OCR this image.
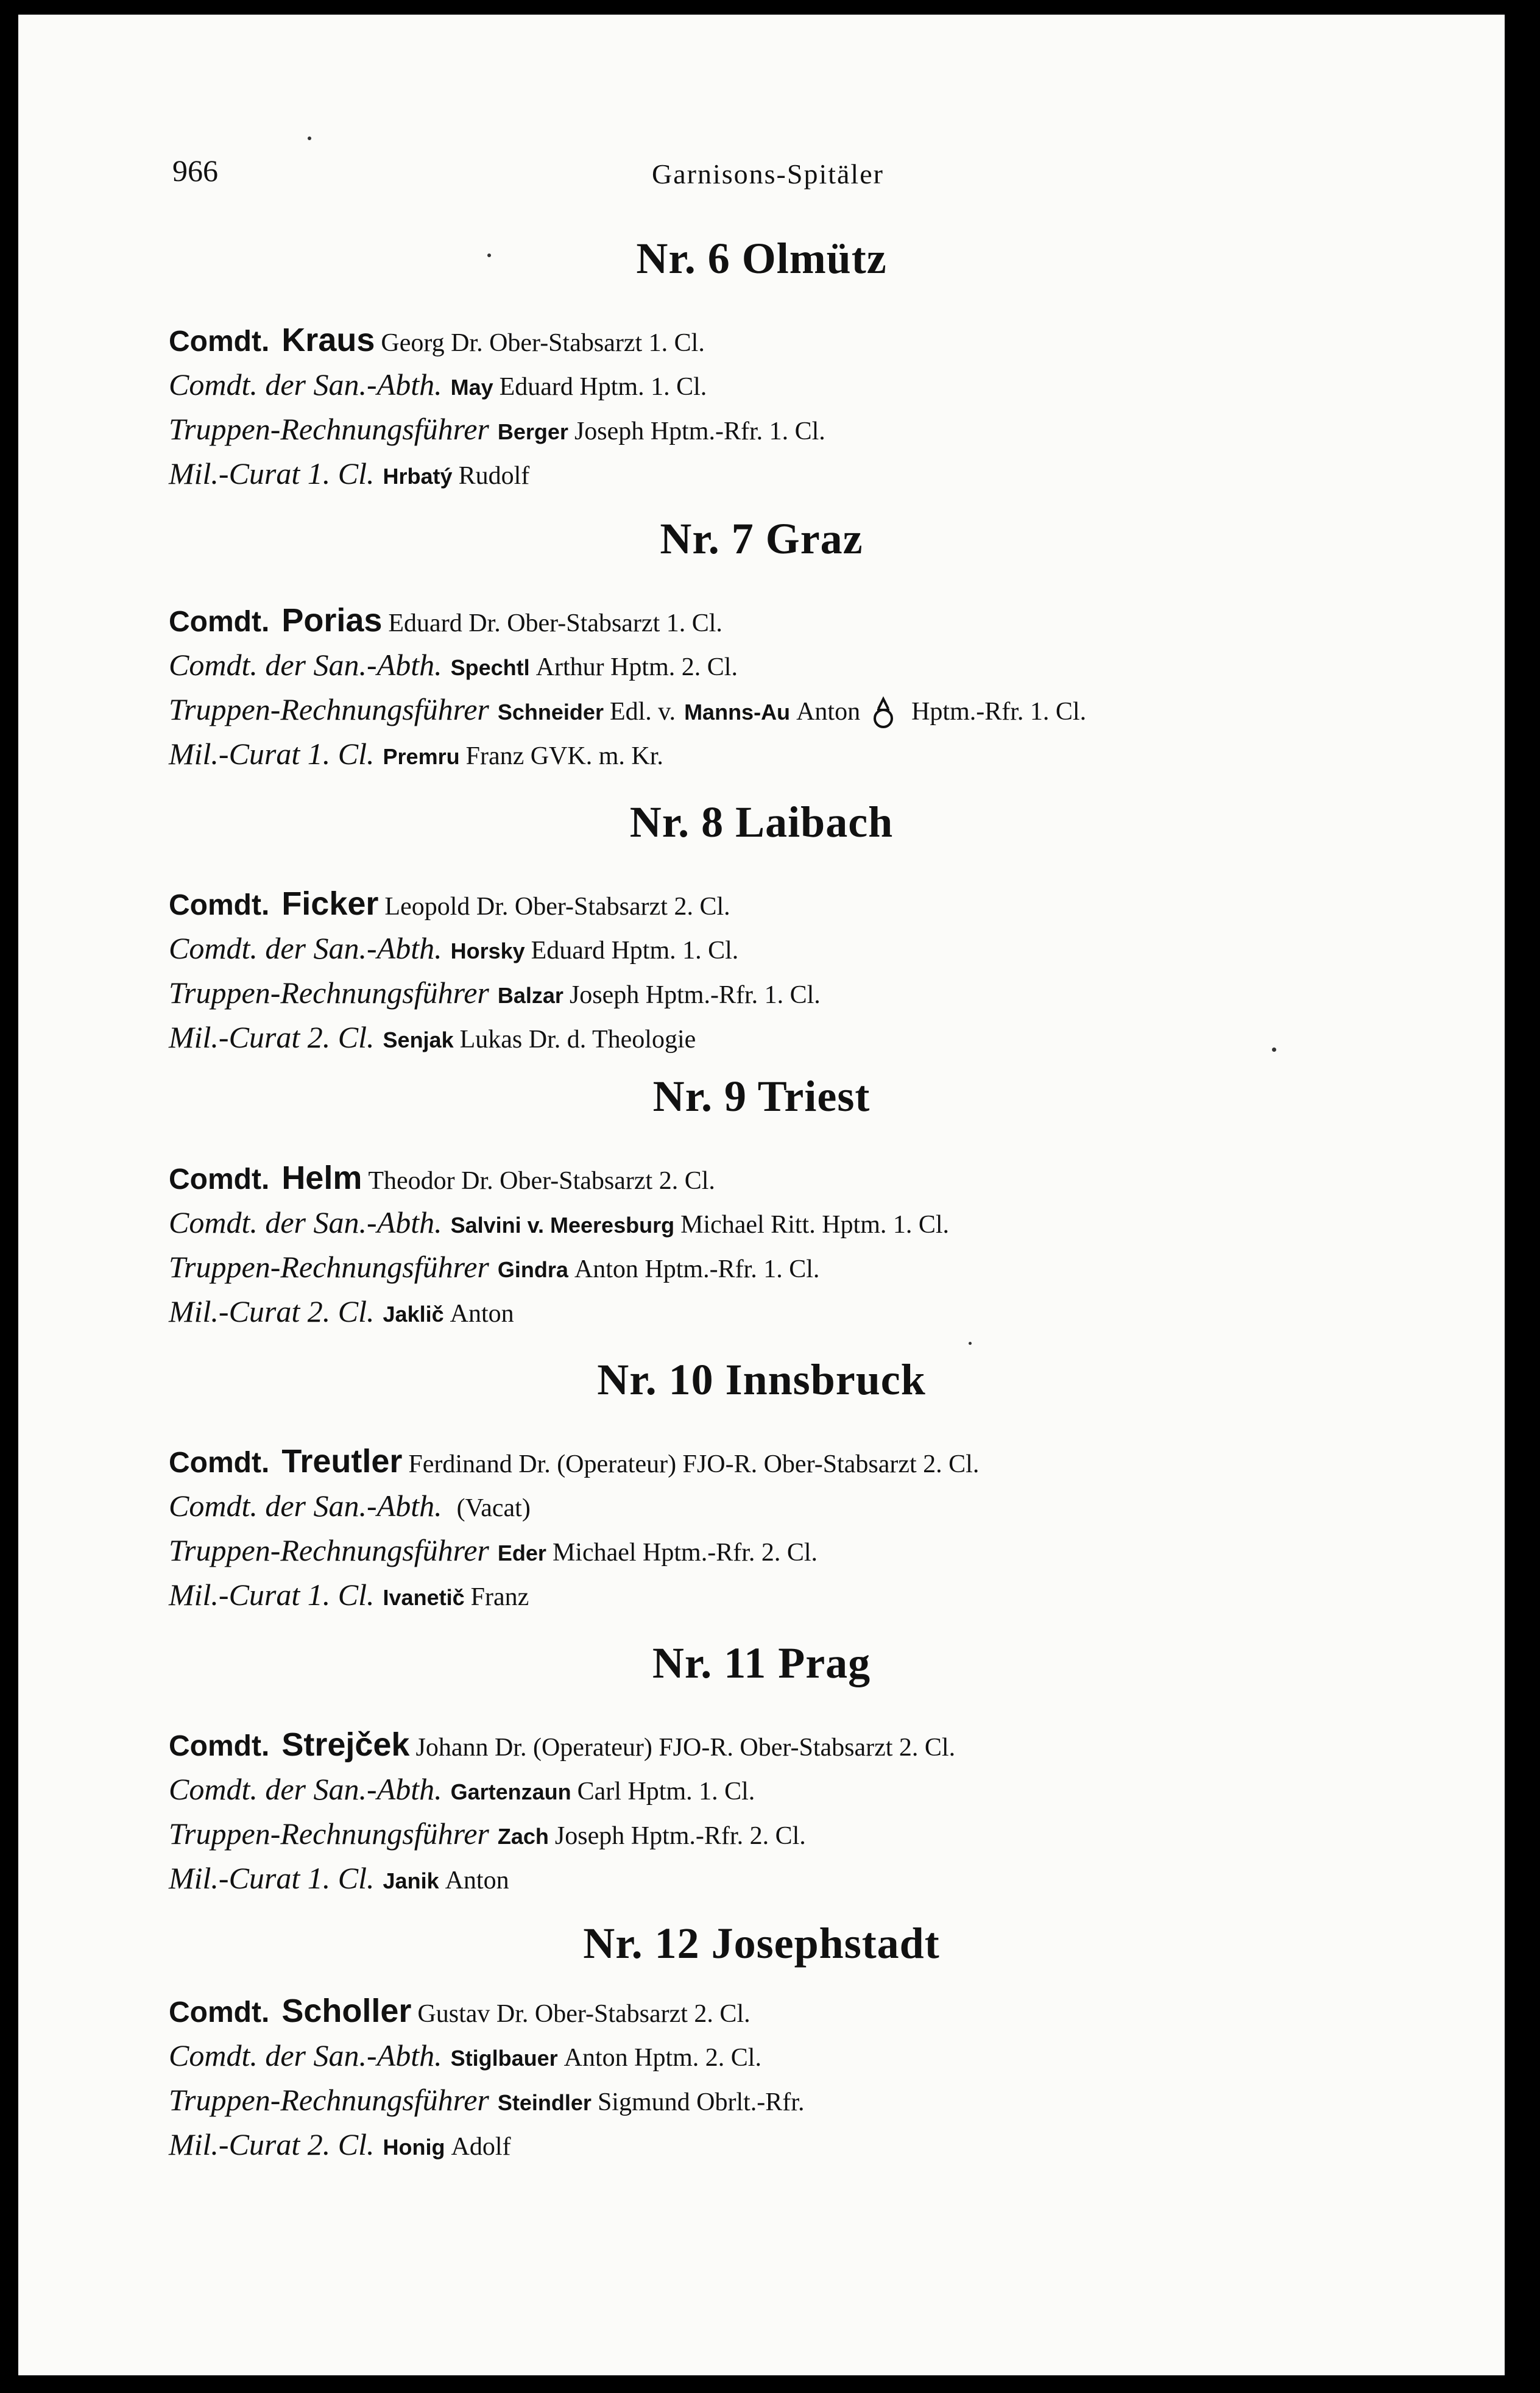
966	Garnisons-Spitäler
Nr. 6 Olmütz
Comdt. Kraus Georg Dr. Ober-Stabsarzt 1. Cl.
Comdt. der San.-Abth. May Eduard Hptm. 1. Cl.
Truppen-Rechnungsführer Berger Joseph Hptm.-Rfr. 1. Cl.
Mil.-Curat 1. Cl. Hrbatý Rudolf
Nr. 7 Graz
Comdt. Porias Eduard Dr. Ober-Stabsarzt 1. Cl.
Comdt. der San.-Abth. Spechtl Arthur Hptm. 2. Cl.
Truppen-Rechnungsführer Schneider Edl. v. Manns-Au Anton Hptm.-Rfr. 1. Cl.
Mil.-Curat 1. Cl. Premru Franz GVK. m. Kr.
Nr. 8 Laibach
Comdt. Ficker Leopold Dr. Ober-Stabsarzt 2. Cl.
Comdt. der San.-Abth. Horsky Eduard Hptm. 1. Cl.
Truppen-Rechnungsführer Balzar Joseph Hptm.-Rfr. 1. Cl.
Mil.-Curat 2. Cl. Senjak Lukas Dr. d. Theologie
Nr. 9 Triest
Comdt. Helm Theodor Dr. Ober-Stabsarzt 2. Cl.
Comdt. der San.-Abth. Salvini v. Meeresburg Michael Ritt. Hptm. 1. Cl.
Truppen-Rechnungsführer Gindra Anton Hptm.-Rfr. 1. Cl.
Mil.-Curat 2. Cl. Jaklič Anton
Nr. 10 Innsbruck
Comdt. Treutler Ferdinand Dr. (Operateur) FJO-R. Ober-Stabsarzt 2. Cl.
Comdt. der San.-Abth. (Vacat)
Truppen-Rechnungsführer Eder Michael Hptm.-Rfr. 2. Cl.
Mil.-Curat 1. Cl. Ivanetič Franz
Nr. 11 Prag
Comdt. Strejček Johann Dr. (Operateur) FJO-R. Ober-Stabsarzt 2. Cl.
Comdt. der San.-Abth. Gartenzaun Carl Hptm. 1. Cl.
Truppen-Rechnungsführer Zach Joseph Hptm.-Rfr. 2. Cl.
Mil.-Curat 1. Cl. Janik Anton
Nr. 12 Josephstadt
Comdt. Scholler Gustav Dr. Ober-Stabsarzt 2. Cl.
Comdt. der San.-Abth. Stiglbauer Anton Hptm. 2. Cl.
Truppen-Rechnungsführer Steindler Sigmund Obrlt.-Rfr.
Mil.-Curat 2. Cl. Honig Adolf
